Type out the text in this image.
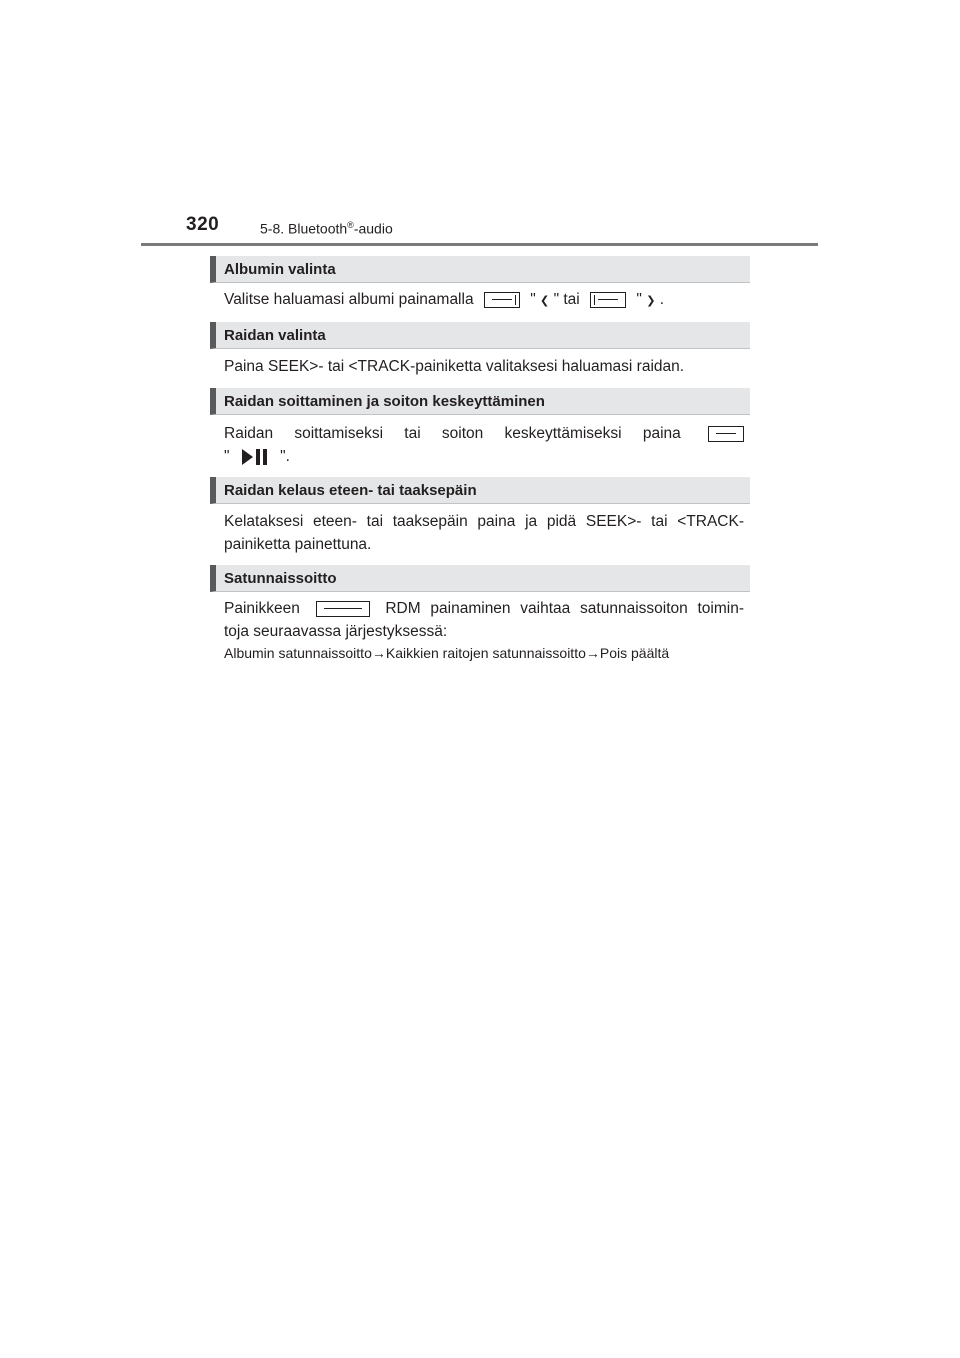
320	5-8. Bluetooth®-audio
Albumin valinta
Valitse haluamasi albumi painamalla	" ❮ " tai	" ❯ .
Raidan valinta
Paina SEEK>- tai <TRACK-painiketta valitaksesi haluamasi raidan.
Raidan soittaminen ja soiton keskeyttäminen
Raidan soittamiseksi tai soiton keskeyttämiseksi paina
"	".
Raidan kelaus eteen- tai taaksepäin
Kelataksesi eteen- tai taaksepäin paina ja pidä SEEK>- tai <TRACK-
painiketta painettuna.
Satunnaissoitto
Painikkeen	RDM painaminen vaihtaa satunnaissoiton toimin-
toja seuraavassa järjestyksessä:
Albumin satunnaissoitto→Kaikkien raitojen satunnaissoitto→Pois päältä
